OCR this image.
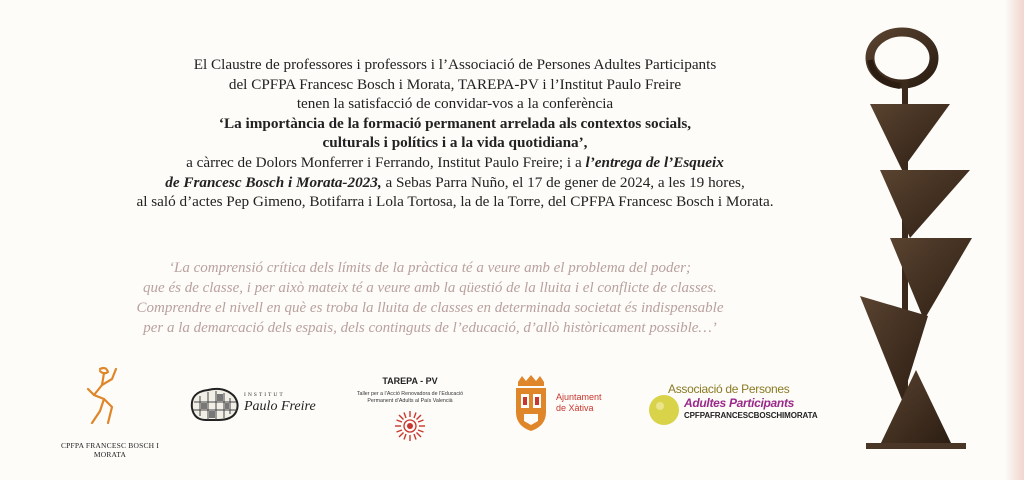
El Claustre de professores i professors i l’Associació de Persones Adultes Participants

del CPFPA Francesc Bosch i Morata, TAREPA-PV i l’Institut Paulo Freire

tenen la satisfacció de convidar-vos a la conferència

‘La importància de la formació permanent arrelada als contextos socials,

culturals i polítics i a la vida quotidiana’,

a càrrec de Dolors Monferrer i Ferrando, Institut Paulo Freire; i a l’entrega de l’Esqueix

de Francesc Bosch i Morata-2023, a Sebas Parra Nuño, el 17 de gener de 2024, a les 19 hores,

al saló d’actes Pep Gimeno, Botifarra i Lola Tortosa, la de la Torre, del CPFPA Francesc Bosch i Morata.

‘La comprensió crítica dels límits de la pràctica té a veure amb el problema del poder;

que és de classe, i per això mateix té a veure amb la qüestió de la lluita i el conflicte de classes.

Comprendre el nivell en què es troba la lluita de classes en determinada societat és indispensable

per a la demarcació dels espais, dels continguts de l’educació, d’allò històricament possible…’

CPFPA FRANCESC BOSCH I MORATA
INSTITUT
Paulo Freire
TAREPA - PV
Taller per a l’Acció Renovadora de l’Educació
Permanent d’Adults al País Valencià	Ajuntament
de Xàtiva
Associació de Persones
Adultes Participants
CPFPAFRANCESCBOSCHIMORATA
